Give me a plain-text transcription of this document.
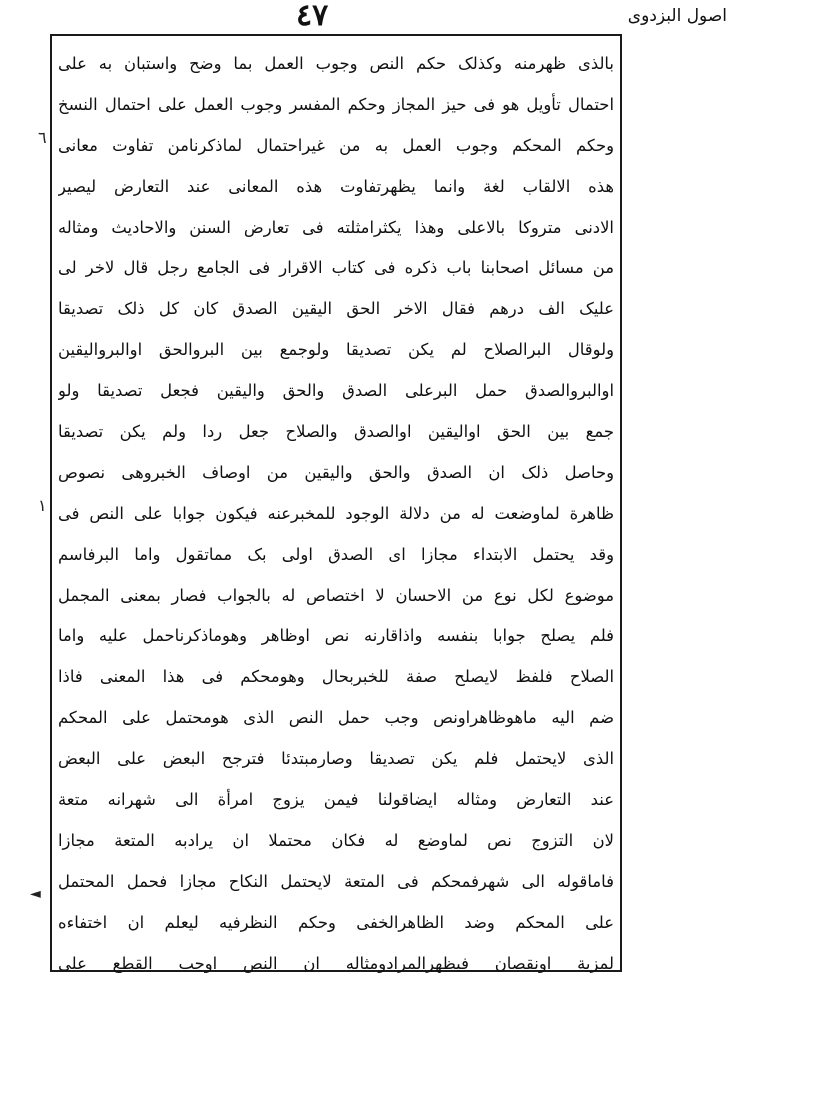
اصول البزدوی
٤٧
٦
١
◄
بالذی ظهرمنه وکذلک حکم النص وجوب العمل بما وضح واستبان به علی
احتمال تأویل هو فی حیز المجاز وحکم المفسر وجوب العمل علی احتمال النسخ
وحکم المحکم وجوب العمل به من غیراحتمال لماذکرنامن تفاوت معانی
هذه الالقاب لغة وانما یظهرتفاوت هذه المعانی عند التعارض لیصیر
الادنی متروکا بالاعلی وهذا یکثرامثلته فی تعارض السنن والاحادیث ومثاله
من مسائل اصحابنا باب ذکره فی کتاب الاقرار فی الجامع رجل قال لاخر لی
علیک الف درهم فقال الاخر الحق الیقین الصدق کان کل ذلک تصدیقا
ولوقال البرالصلاح لم یکن تصدیقا ولوجمع بین البروالحق اوالبروالیقین
اوالبروالصدق حمل البرعلی الصدق والحق والیقین فجعل تصدیقا ولو
جمع بین الحق اوالیقین اوالصدق والصلاح جعل ردا ولم یکن تصدیقا
وحاصل ذلک ان الصدق والحق والیقین من اوصاف الخبروهی نصوص
ظاهرة لماوضعت له من دلالة الوجود للمخبرعنه فیکون جوابا علی النص فی
وقد یحتمل الابتداء مجازا ای الصدق اولی بک مماتقول واما البرفاسم
موضوع لکل نوع من الاحسان لا اختصاص له بالجواب فصار بمعنی المجمل
فلم یصلح جوابا بنفسه واذاقارنه نص اوظاهر وهوماذکرناحمل علیه واما
الصلاح فلفظ لایصلح صفة للخبربحال وهومحکم فی هذا المعنی فاذا
ضم الیه ماهوظاهراونص وجب حمل النص الذی هومحتمل علی المحکم
الذی لایحتمل فلم یکن تصدیقا وصارمبتدئا فترجح البعض علی البعض
عند التعارض ومثاله ایضاقولنا فیمن یزوج امرأة الی شهرانه متعة
لان التزوج نص لماوضع له فکان محتملا ان یرادبه المتعة مجازا
فاماقوله الی شهرفمحکم فی المتعة لایحتمل النکاح مجازا فحمل المحتمل
علی المحکم وضد الظاهرالخفی وحکم النظرفیه لیعلم ان اختفاءه
لمزیة اونقصان فیظهرالمرادومثاله ان النص اوجب القطع علی
